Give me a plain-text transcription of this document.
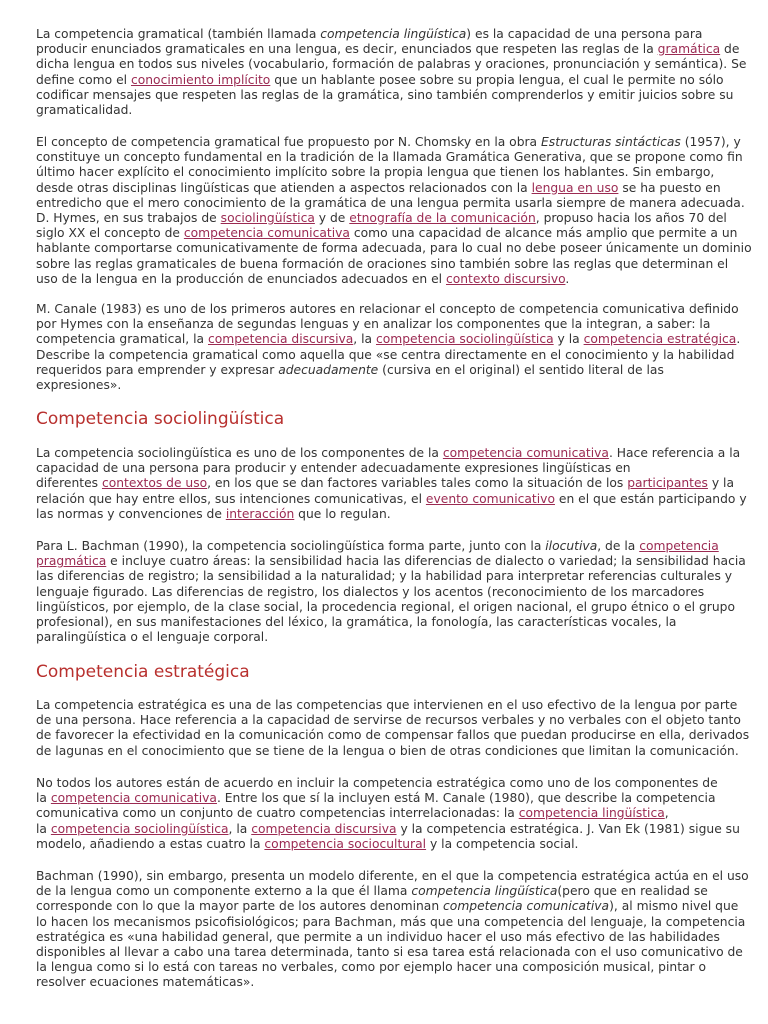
La competencia gramatical (también llamada competencia lingüística) es la capacidad de una persona para
producir enunciados gramaticales en una lengua, es decir, enunciados que respeten las reglas de la gramática de
dicha lengua en todos sus niveles (vocabulario, formación de palabras y oraciones, pronunciación y semántica). Se
define como el conocimiento implícito que un hablante posee sobre su propia lengua, el cual le permite no sólo
codificar mensajes que respeten las reglas de la gramática, sino también comprenderlos y emitir juicios sobre su
gramaticalidad.
El concepto de competencia gramatical fue propuesto por N. Chomsky en la obra Estructuras sintácticas (1957), y
constituye un concepto fundamental en la tradición de la llamada Gramática Generativa, que se propone como fin
último hacer explícito el conocimiento implícito sobre la propia lengua que tienen los hablantes. Sin embargo,
desde otras disciplinas lingüísticas que atienden a aspectos relacionados con la lengua en uso se ha puesto en
entredicho que el mero conocimiento de la gramática de una lengua permita usarla siempre de manera adecuada.
D. Hymes, en sus trabajos de sociolingüística y de etnografía de la comunicación, propuso hacia los años 70 del
siglo XX el concepto de competencia comunicativa como una capacidad de alcance más amplio que permite a un
hablante comportarse comunicativamente de forma adecuada, para lo cual no debe poseer únicamente un dominio
sobre las reglas gramaticales de buena formación de oraciones sino también sobre las reglas que determinan el
uso de la lengua en la producción de enunciados adecuados en el contexto discursivo.
M. Canale (1983) es uno de los primeros autores en relacionar el concepto de competencia comunicativa definido
por Hymes con la enseñanza de segundas lenguas y en analizar los componentes que la integran, a saber: la
competencia gramatical, la competencia discursiva, la competencia sociolingüística y la competencia estratégica.
Describe la competencia gramatical como aquella que «se centra directamente en el conocimiento y la habilidad
requeridos para emprender y expresar adecuadamente (cursiva en el original) el sentido literal de las
expresiones».
Competencia sociolingüística
La competencia sociolingüística es uno de los componentes de la competencia comunicativa. Hace referencia a la
capacidad de una persona para producir y entender adecuadamente expresiones lingüísticas en
diferentes contextos de uso, en los que se dan factores variables tales como la situación de los participantes y la
relación que hay entre ellos, sus intenciones comunicativas, el evento comunicativo en el que están participando y
las normas y convenciones de interacción que lo regulan.
Para L. Bachman (1990), la competencia sociolingüística forma parte, junto con la ilocutiva, de la competencia
pragmática e incluye cuatro áreas: la sensibilidad hacia las diferencias de dialecto o variedad; la sensibilidad hacia
las diferencias de registro; la sensibilidad a la naturalidad; y la habilidad para interpretar referencias culturales y
lenguaje figurado. Las diferencias de registro, los dialectos y los acentos (reconocimiento de los marcadores
lingüísticos, por ejemplo, de la clase social, la procedencia regional, el origen nacional, el grupo étnico o el grupo
profesional), en sus manifestaciones del léxico, la gramática, la fonología, las características vocales, la
paralingüística o el lenguaje corporal.
Competencia estratégica
La competencia estratégica es una de las competencias que intervienen en el uso efectivo de la lengua por parte
de una persona. Hace referencia a la capacidad de servirse de recursos verbales y no verbales con el objeto tanto
de favorecer la efectividad en la comunicación como de compensar fallos que puedan producirse en ella, derivados
de lagunas en el conocimiento que se tiene de la lengua o bien de otras condiciones que limitan la comunicación.
No todos los autores están de acuerdo en incluir la competencia estratégica como uno de los componentes de
la competencia comunicativa. Entre los que sí la incluyen está M. Canale (1980), que describe la competencia
comunicativa como un conjunto de cuatro competencias interrelacionadas: la competencia lingüística,
la competencia sociolingüística, la competencia discursiva y la competencia estratégica. J. Van Ek (1981) sigue su
modelo, añadiendo a estas cuatro la competencia sociocultural y la competencia social.
Bachman (1990), sin embargo, presenta un modelo diferente, en el que la competencia estratégica actúa en el uso
de la lengua como un componente externo a la que él llama competencia lingüística(pero que en realidad se
corresponde con lo que la mayor parte de los autores denominan competencia comunicativa), al mismo nivel que
lo hacen los mecanismos psicofisiológicos; para Bachman, más que una competencia del lenguaje, la competencia
estratégica es «una habilidad general, que permite a un individuo hacer el uso más efectivo de las habilidades
disponibles al llevar a cabo una tarea determinada, tanto si esa tarea está relacionada con el uso comunicativo de
la lengua como si lo está con tareas no verbales, como por ejemplo hacer una composición musical, pintar o
resolver ecuaciones matemáticas».
